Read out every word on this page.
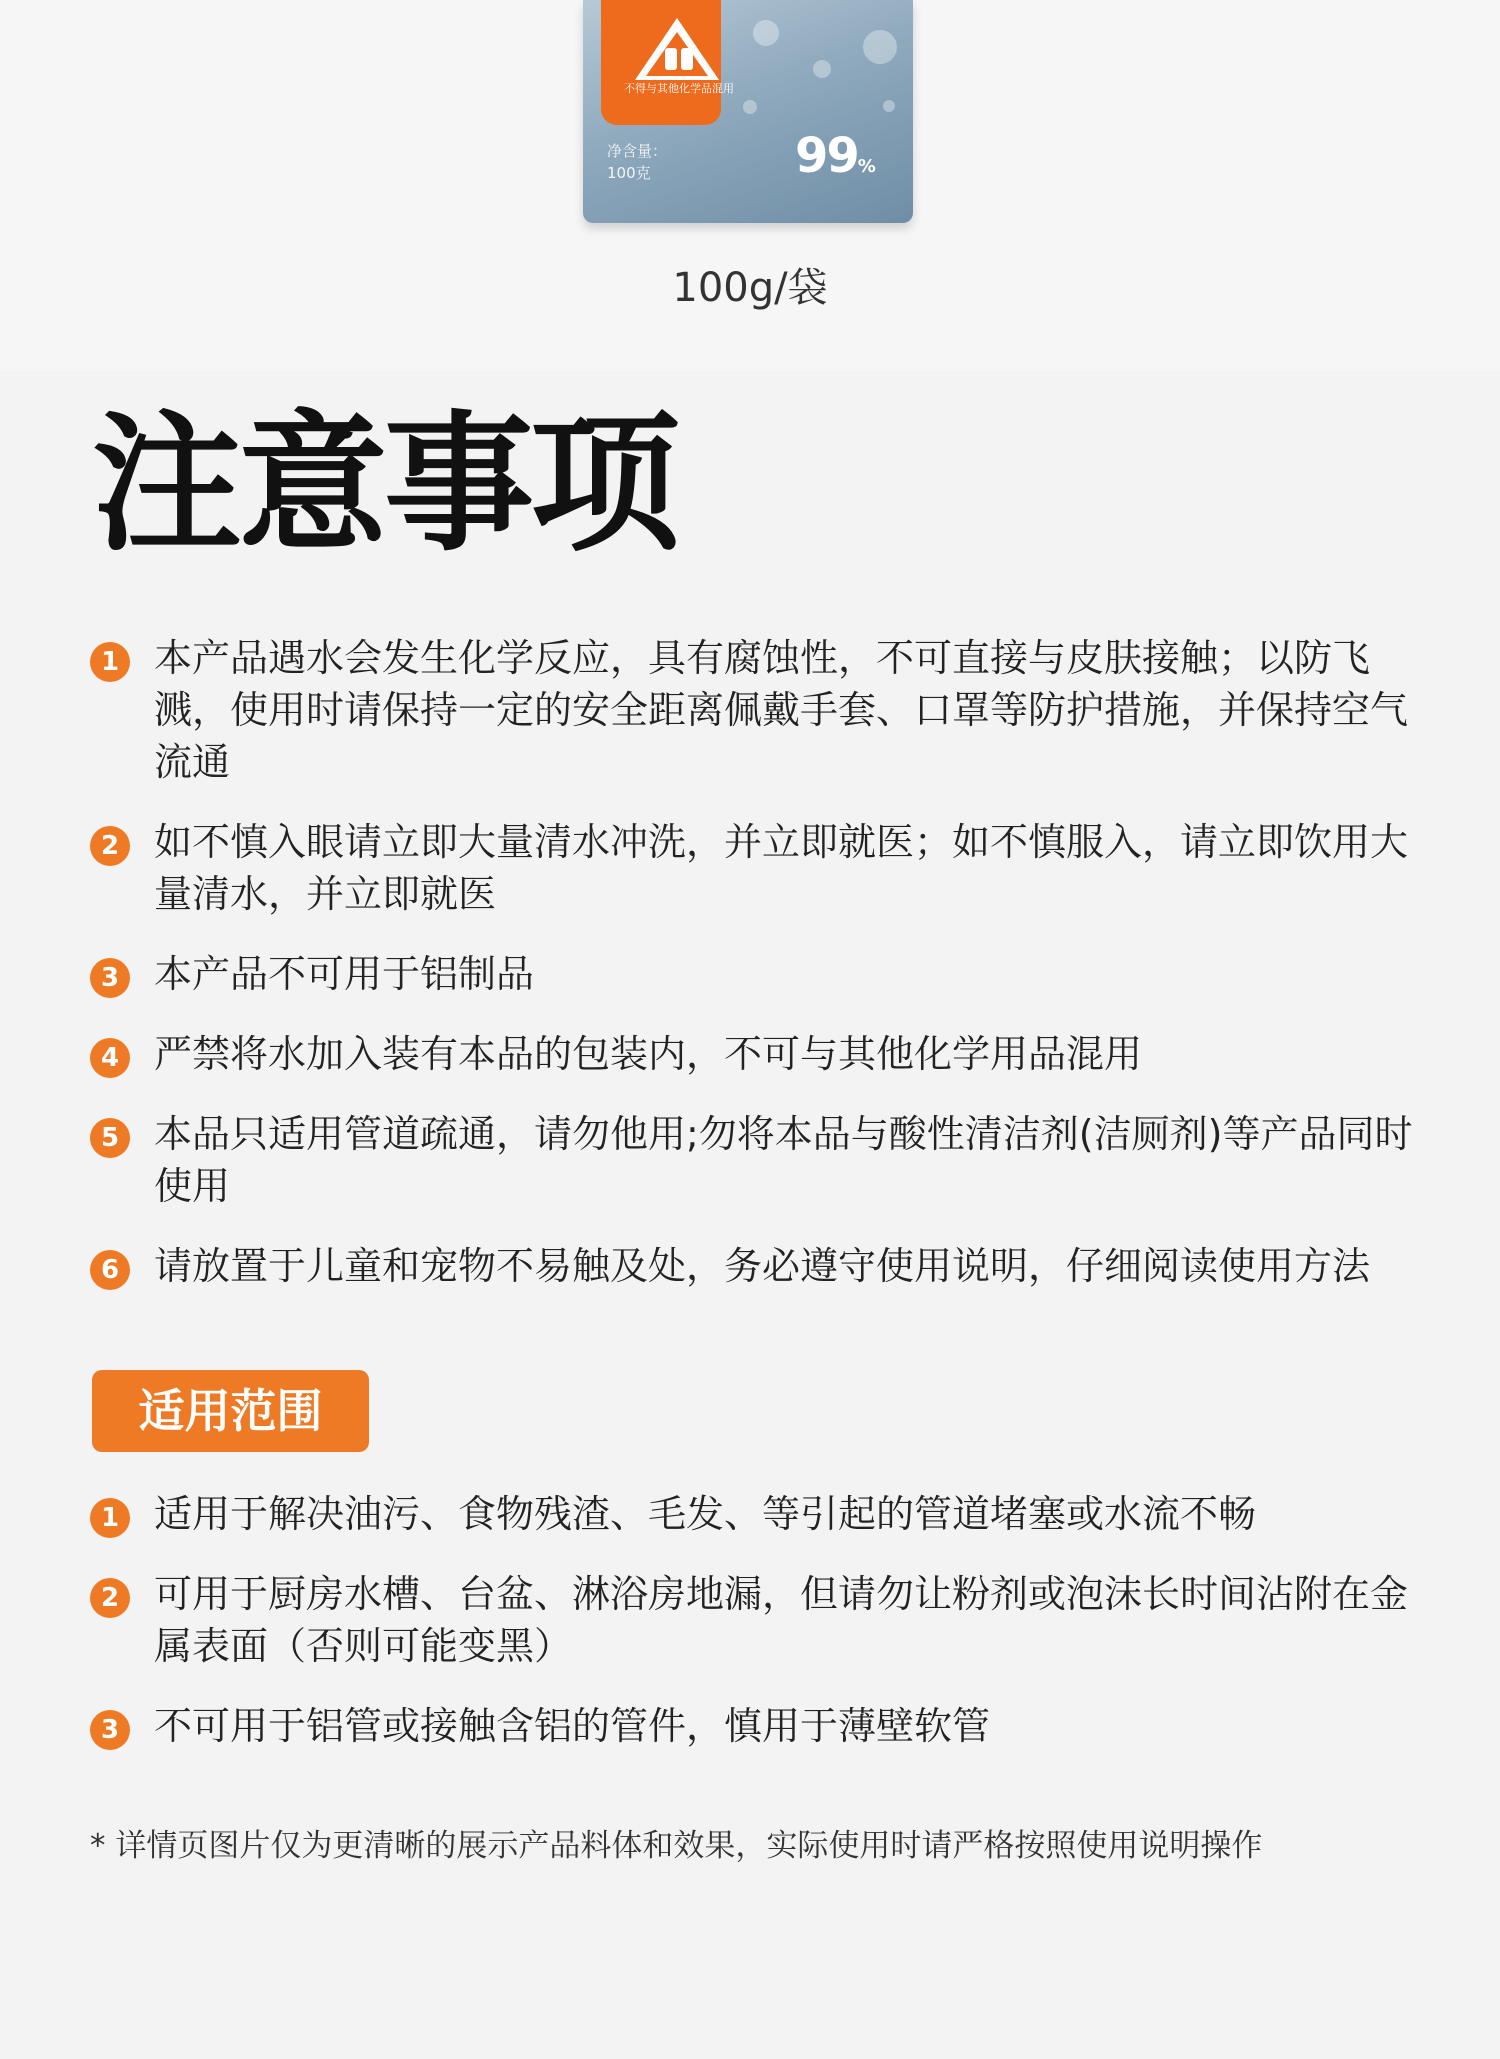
不得与其他化学品混用
净含量：
100克	99%
100g/袋
注意事项
1 本产品遇水会发生化学反应，具有腐蚀性，不可直接与皮肤接触；以防飞溅，使用时请保持一定的安全距离佩戴手套、口罩等防护措施，并保持空气流通
2 如不慎入眼请立即大量清水冲洗，并立即就医；如不慎服入，请立即饮用大量清水，并立即就医
3 本产品不可用于铝制品
4 严禁将水加入装有本品的包装内，不可与其他化学用品混用
5 本品只适用管道疏通，请勿他用;勿将本品与酸性清洁剂(洁厕剂)等产品同时使用
6 请放置于儿童和宠物不易触及处，务必遵守使用说明，仔细阅读使用方法
适用范围
1 适用于解决油污、食物残渣、毛发、等引起的管道堵塞或水流不畅
2 可用于厨房水槽、台盆、淋浴房地漏，但请勿让粉剂或泡沫长时间沾附在金属表面（否则可能变黑）
3 不可用于铝管或接触含铝的管件，慎用于薄壁软管
* 详情页图片仅为更清晰的展示产品料体和效果，实际使用时请严格按照使用说明操作
